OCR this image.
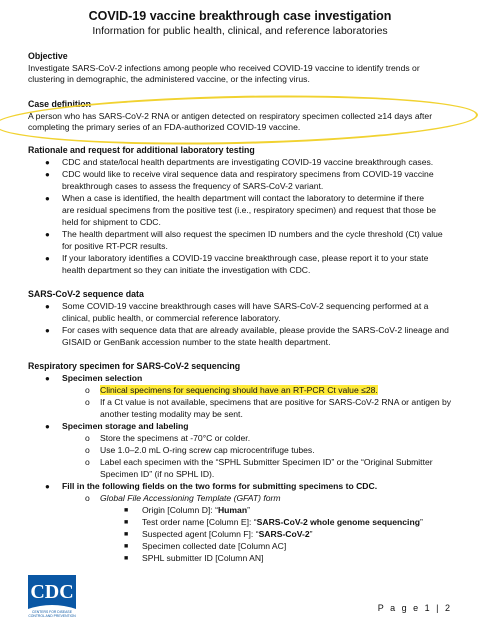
COVID-19 vaccine breakthrough case investigation
Information for public health, clinical, and reference laboratories
Objective
Investigate SARS-CoV-2 infections among people who received COVID-19 vaccine to identify trends or
clustering in demographic, the administered vaccine, or the infecting virus.
Case definition
A person who has SARS-CoV-2 RNA or antigen detected on respiratory specimen collected ≥14 days after
completing the primary series of an FDA-authorized COVID-19 vaccine.
Rationale and request for additional laboratory testing
● CDC and state/local health departments are investigating COVID-19 vaccine breakthrough cases.
● CDC would like to receive viral sequence data and respiratory specimens from COVID-19 vaccine
breakthrough cases to assess the frequency of SARS-CoV-2 variant.
● When a case is identified, the health department will contact the laboratory to determine if there
are residual specimens from the positive test (i.e., respiratory specimen) and request that those be
held for shipment to CDC.
● The health department will also request the specimen ID numbers and the cycle threshold (Ct) value
for positive RT-PCR results.
● If your laboratory identifies a COVID-19 vaccine breakthrough case, please report it to your state
health department so they can initiate the investigation with CDC.
SARS-CoV-2 sequence data
● Some COVID-19 vaccine breakthrough cases will have SARS-CoV-2 sequencing performed at a
clinical, public health, or commercial reference laboratory.
● For cases with sequence data that are already available, please provide the SARS-CoV-2 lineage and
GISAID or GenBank accession number to the state health department.
Respiratory specimen for SARS-CoV-2 sequencing
● Specimen selection
o Clinical specimens for sequencing should have an RT-PCR Ct value ≤28.
o If a Ct value is not available, specimens that are positive for SARS-CoV-2 RNA or antigen by
another testing modality may be sent.
● Specimen storage and labeling
o Store the specimens at -70°C or colder.
o Use 1.0–2.0 mL O-ring screw cap microcentrifuge tubes.
o Label each specimen with the “SPHL Submitter Specimen ID” or the “Original Submitter
Specimen ID” (if no SPHL ID).
● Fill in the following fields on the two forms for submitting specimens to CDC.
o Global File Accessioning Template (GFAT) form
■ Origin [Column D]: “Human”
■ Test order name [Column E]: “SARS-CoV-2 whole genome sequencing”
■ Suspected agent [Column F]: “SARS-CoV-2”
■ Specimen collected date [Column AC]
■ SPHL submitter ID [Column AN]
CDC
CENTERS FOR DISEASE
CONTROL AND PREVENTION
P a g e 1 | 2
